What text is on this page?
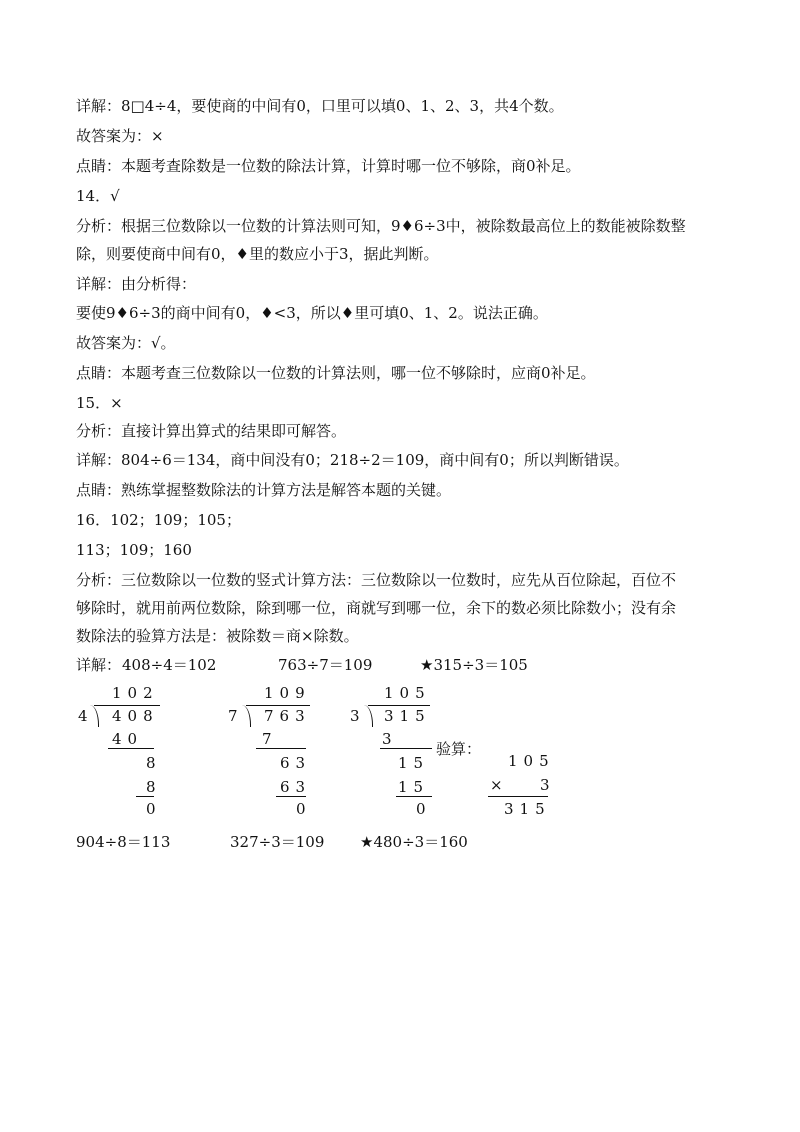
详解：8□4÷4，要使商的中间有0，口里可以填0、1、2、3，共4个数。
故答案为：×
点睛：本题考查除数是一位数的除法计算，计算时哪一位不够除，商0补足。
14．√
分析：根据三位数除以一位数的计算法则可知，9♦6÷3中，被除数最高位上的数能被除数整
除，则要使商中间有0，♦里的数应小于3，据此判断。
详解：由分析得：
要使9♦6÷3的商中间有0，♦<3，所以♦里可填0、1、2。说法正确。
故答案为：√。
点睛：本题考查三位数除以一位数的计算法则，哪一位不够除时，应商0补足。
15．×
分析：直接计算出算式的结果即可解答。
详解：804÷6＝134，商中间没有0；218÷2＝109，商中间有0；所以判断错误。
点睛：熟练掌握整数除法的计算方法是解答本题的关键。
16．102；109；105；
113；109；160
分析：三位数除以一位数的竖式计算方法：三位数除以一位数时，应先从百位除起，百位不
够除时，就用前两位数除，除到哪一位，商就写到哪一位，余下的数必须比除数小；没有余
数除法的验算方法是：被除数＝商×除数。
详解： 408÷4＝102	763÷7＝109	★315÷3＝105
102
4 408
40
8
8
0
109
7 763
7
63
63
0
105
3 315
3
15
15
0
验算：
105
× 3
315
904÷8＝113	327÷3＝109 ★480÷3＝160
